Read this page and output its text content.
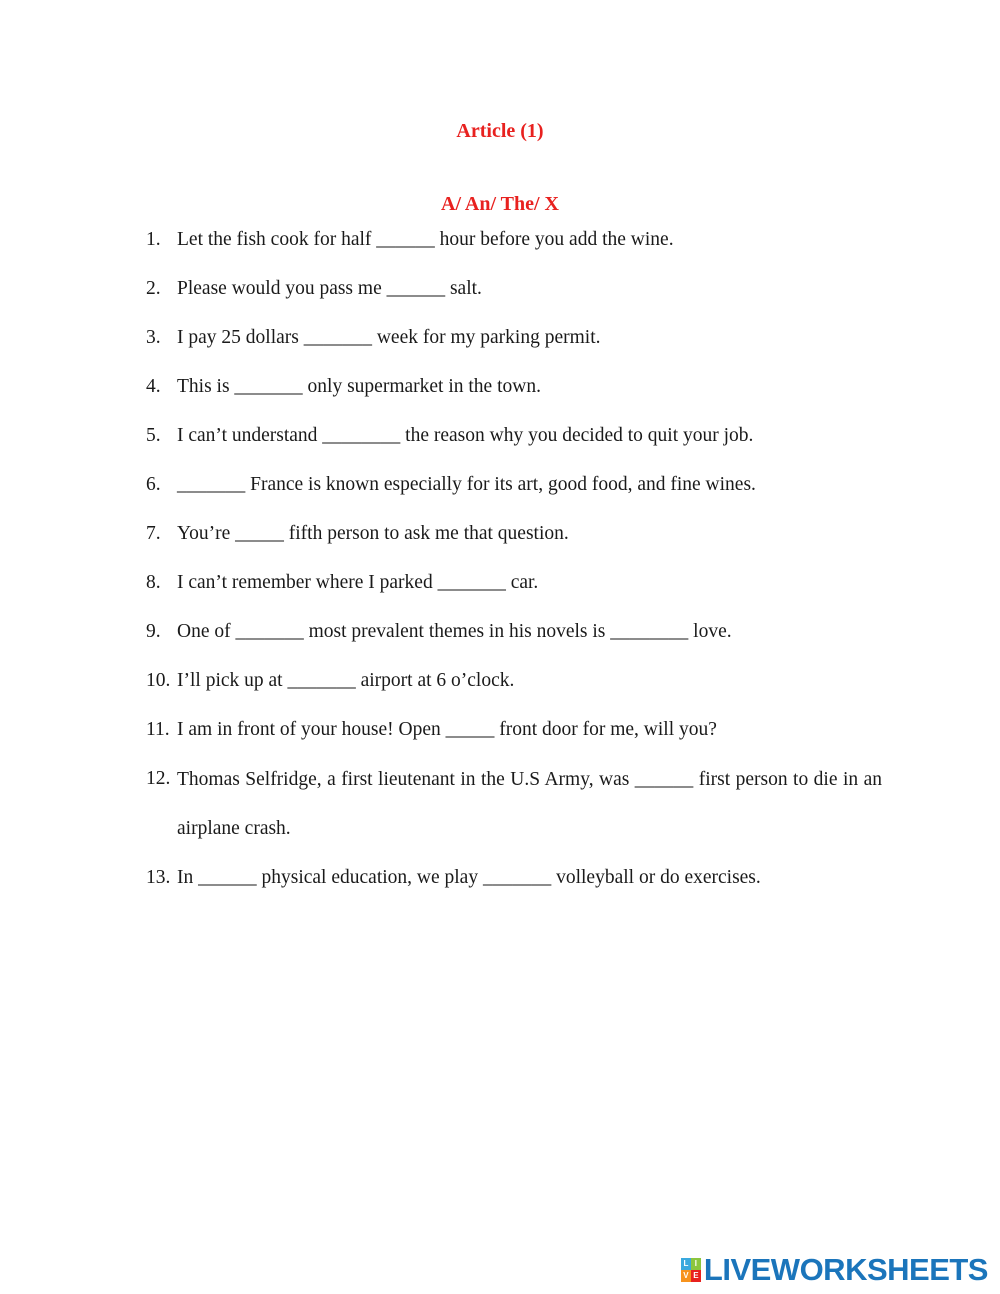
Article (1)
A/ An/ The/ X
1. Let the fish cook for half ______ hour before you add the wine.
2. Please would you pass me ______ salt.
3. I pay 25 dollars _______ week for my parking permit.
4. This is _______ only supermarket in the town.
5. I can’t understand ________ the reason why you decided to quit your job.
6. _______ France is known especially for its art, good food, and fine wines.
7. You’re _____ fifth person to ask me that question.
8. I can’t remember where I parked _______ car.
9. One of _______ most prevalent themes in his novels is ________ love.
10. I’ll pick up at _______ airport at 6 o’clock.
11. I am in front of your house! Open _____ front door for me, will you?
12. Thomas Selfridge, a first lieutenant in the U.S Army, was ______ first person to die in an airplane crash.
13. In ______ physical education, we play _______ volleyball or do exercises.
L I
V E LIVEWORKSHEETS
